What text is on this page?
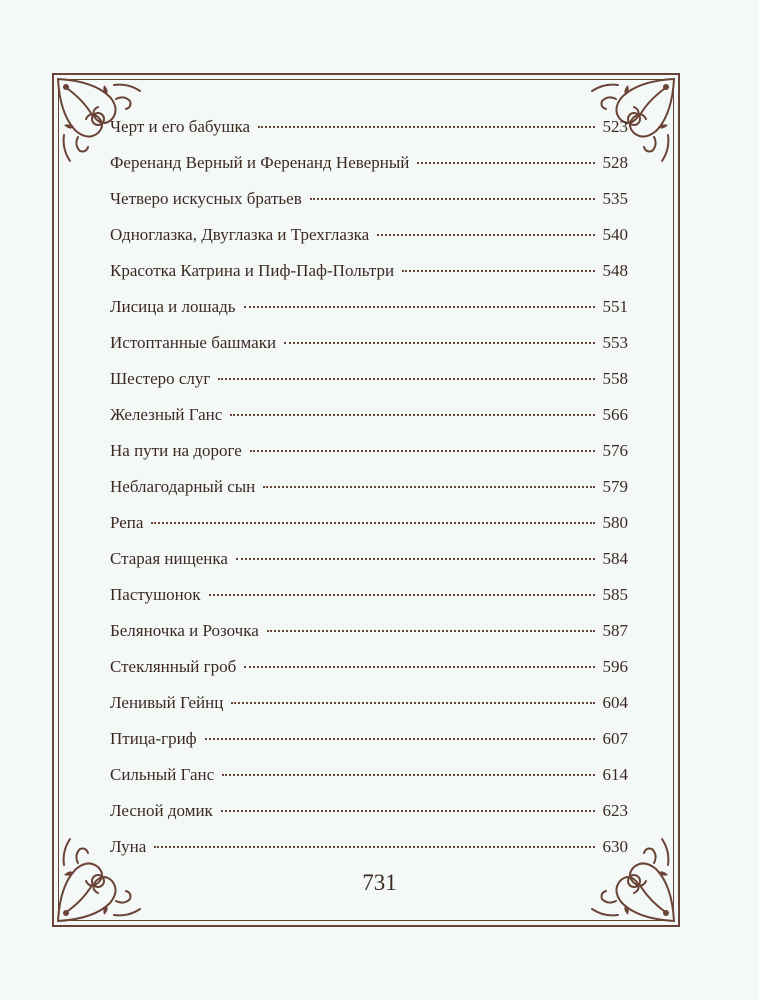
Черт и его бабушка	523
Ференанд Верный и Ференанд Неверный	528
Четверо искусных братьев	535
Одноглазка, Двуглазка и Трехглазка	540
Красотка Катрина и Пиф-Паф-Польтри	548
Лисица и лошадь	551
Истоптанные башмаки	553
Шестеро слуг	558
Железный Ганс	566
На пути на дороге	576
Неблагодарный сын	579
Репа	580
Старая нищенка	584
Пастушонок	585
Беляночка и Розочка	587
Стеклянный гроб	596
Ленивый Гейнц	604
Птица-гриф	607
Сильный Ганс	614
Лесной домик	623
Луна	630
731
